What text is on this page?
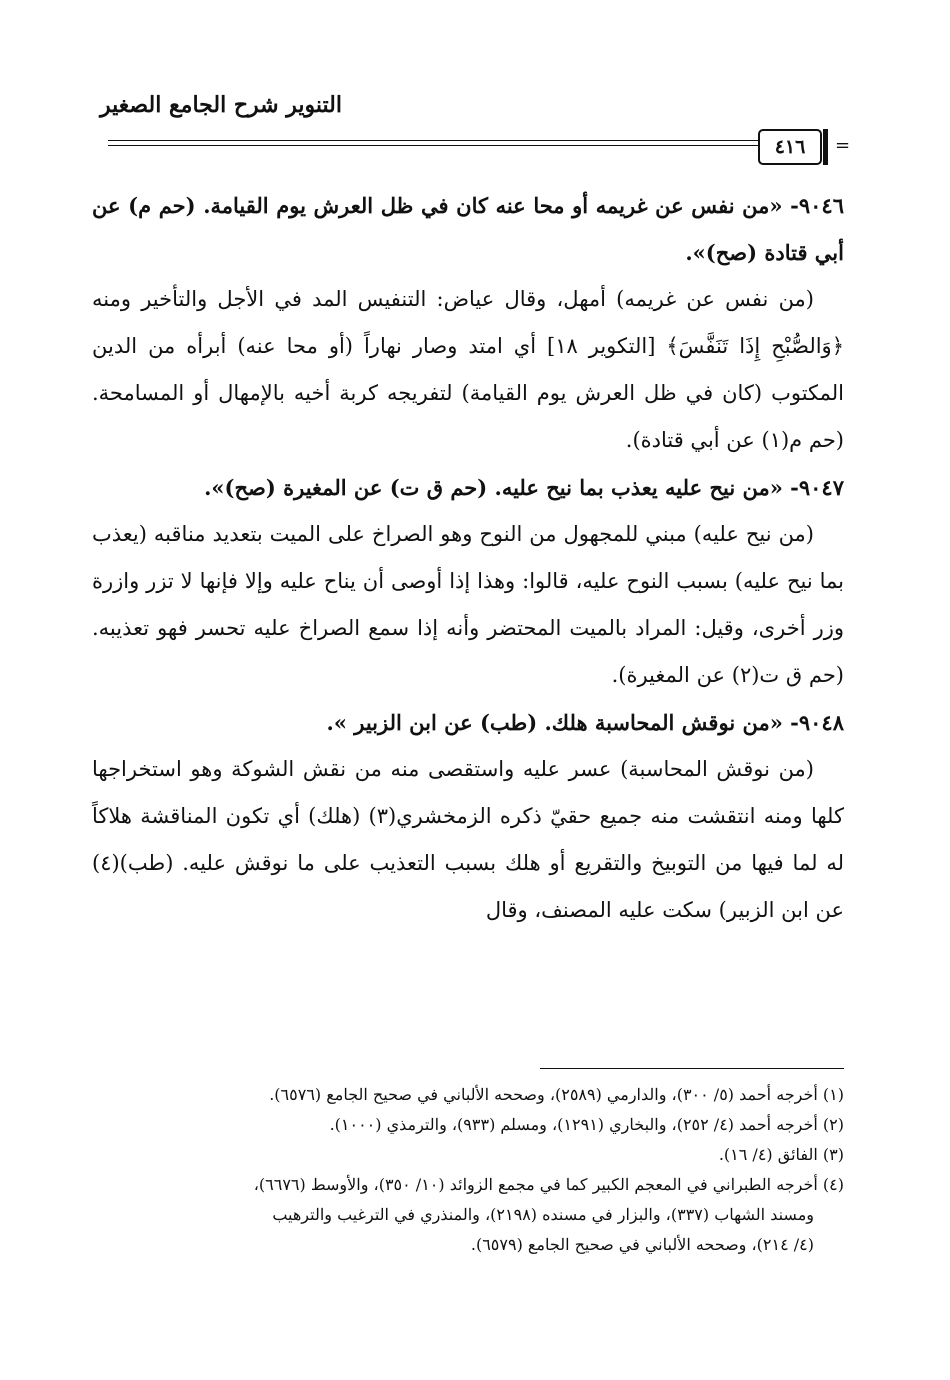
التنوير شرح الجامع الصغير
٤١٦	=

٩٠٤٦- «من نفس عن غريمه أو محا عنه كان في ظل العرش يوم القيامة. (حم م) عن أبي قتادة (صح)».

(من نفس عن غريمه) أمهل، وقال عياض: التنفيس المد في الأجل والتأخير ومنه ﴿وَالصُّبْحِ إِذَا تَنَفَّسَ﴾ [التكوير ١٨] أي امتد وصار نهاراً (أو محا عنه) أبرأه من الدين المكتوب (كان في ظل العرش يوم القيامة) لتفريجه كربة أخيه بالإمهال أو المسامحة. (حم م(١) عن أبي قتادة).

٩٠٤٧- «من نيح عليه يعذب بما نيح عليه. (حم ق ت) عن المغيرة (صح)».

(من نيح عليه) مبني للمجهول من النوح وهو الصراخ على الميت بتعديد مناقبه (يعذب بما نيح عليه) بسبب النوح عليه، قالوا: وهذا إذا أوصى أن يناح عليه وإلا فإنها لا تزر وازرة وزر أخرى، وقيل: المراد بالميت المحتضر وأنه إذا سمع الصراخ عليه تحسر فهو تعذيبه. (حم ق ت(٢) عن المغيرة).

٩٠٤٨- «من نوقش المحاسبة هلك. (طب) عن ابن الزبير ».

(من نوقش المحاسبة) عسر عليه واستقصى منه من نقش الشوكة وهو استخراجها كلها ومنه انتقشت منه جميع حقيّ ذكره الزمخشري(٣) (هلك) أي تكون المناقشة هلاكاً له لما فيها من التوبيخ والتقريع أو هلك بسبب التعذيب على ما نوقش عليه. (طب)(٤) عن ابن الزبير) سكت عليه المصنف، وقال

(١) أخرجه أحمد (٥/ ٣٠٠)، والدارمي (٢٥٨٩)، وصححه الألباني في صحيح الجامع (٦٥٧٦).

(٢) أخرجه أحمد (٤/ ٢٥٢)، والبخاري (١٢٩١)، ومسلم (٩٣٣)، والترمذي (١٠٠٠).

(٣) الفائق (٤/ ١٦).

(٤) أخرجه الطبراني في المعجم الكبير كما في مجمع الزوائد (١٠/ ٣٥٠)، والأوسط (٦٦٧٦)،

ومسند الشهاب (٣٣٧)، والبزار في مسنده (٢١٩٨)، والمنذري في الترغيب والترهيب

(٤/ ٢١٤)، وصححه الألباني في صحيح الجامع (٦٥٧٩).
